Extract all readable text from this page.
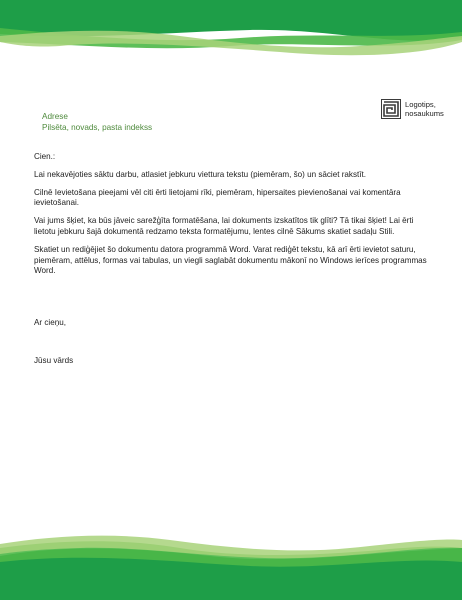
Adrese
Pilsēta, novads, pasta indekss
Logotips,
nosaukums

Cien.:

Lai nekavējoties sāktu darbu, atlasiet jebkuru viettura tekstu (piemēram, šo) un sāciet rakstīt.

Cilnē Ievietošana pieejami vēl citi ērti lietojami rīki, piemēram, hipersaites pievienošanai vai komentāra ievietošanai.

Vai jums šķiet, ka būs jāveic sarežģīta formatēšana, lai dokuments izskatītos tik glīti? Tā tikai šķiet! Lai ērti lietotu jebkuru šajā dokumentā redzamo teksta formatējumu, lentes cilnē Sākums skatiet sadaļu Stili.

Skatiet un rediģējiet šo dokumentu datora programmā Word. Varat rediģēt tekstu, kā arī ērti ievietot saturu, piemēram, attēlus, formas vai tabulas, un viegli saglabāt dokumentu mākonī no Windows ierīces programmas Word.

Ar cieņu,

Jūsu vārds
